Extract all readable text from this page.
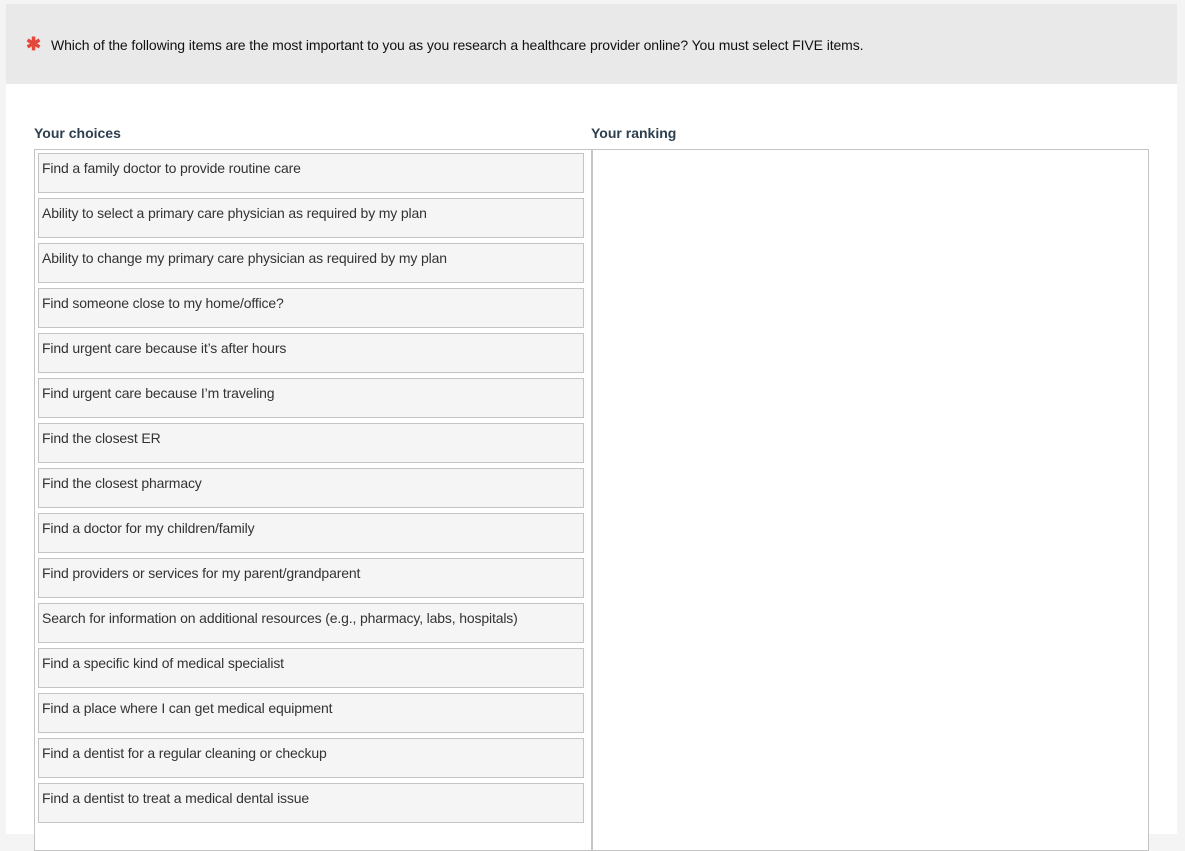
✱ Which of the following items are the most important to you as you research a healthcare provider online? You must select FIVE items.
Your choices	Your ranking
Find a family doctor to provide routine care
Ability to select a primary care physician as required by my plan
Ability to change my primary care physician as required by my plan
Find someone close to my home/office?
Find urgent care because it’s after hours
Find urgent care because I’m traveling
Find the closest ER
Find the closest pharmacy
Find a doctor for my children/family
Find providers or services for my parent/grandparent
Search for information on additional resources (e.g., pharmacy, labs, hospitals)
Find a specific kind of medical specialist
Find a place where I can get medical equipment
Find a dentist for a regular cleaning or checkup
Find a dentist to treat a medical dental issue
